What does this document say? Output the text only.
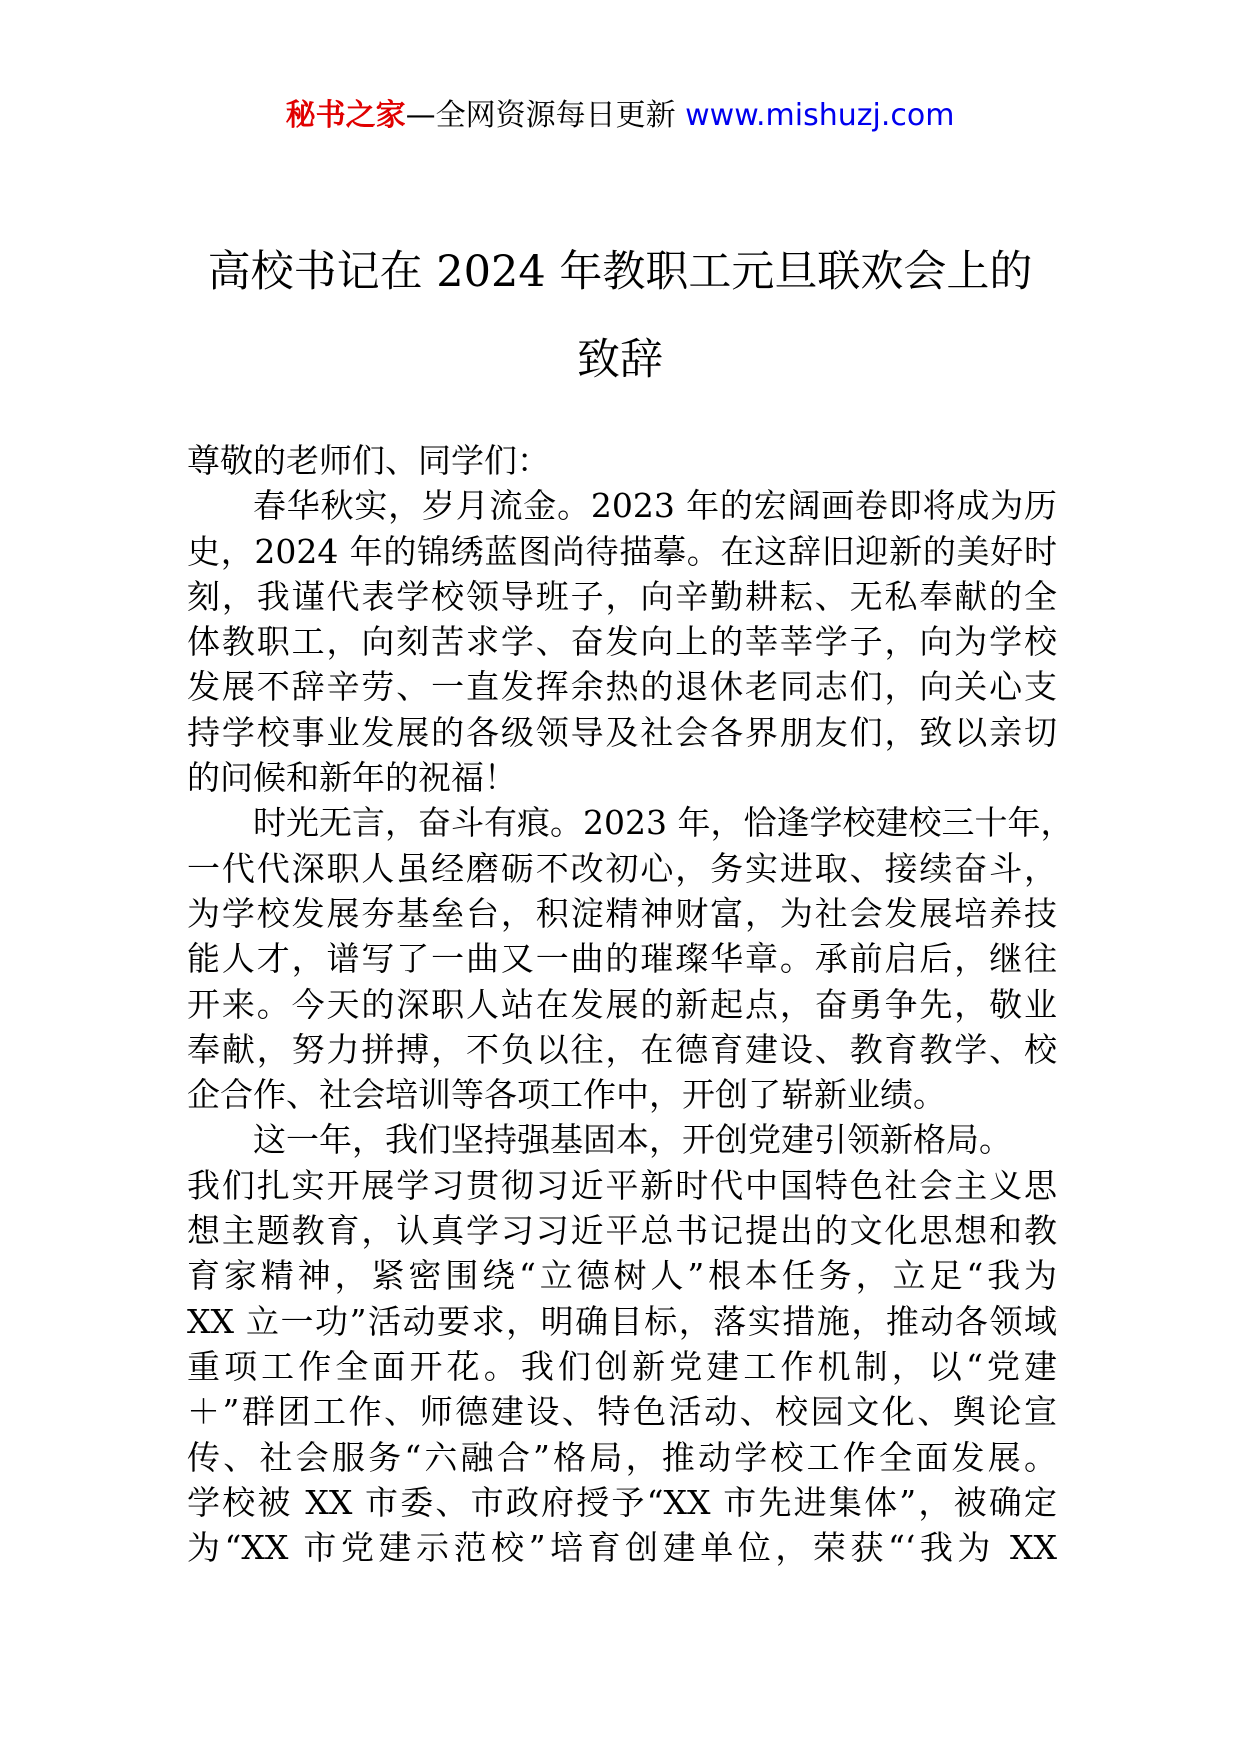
秘书之家—全网资源每日更新 www.mishuzj.com
高校书记在 2024 年教职工元旦联欢会上的
致辞
尊敬的老师们、同学们：
春华秋实，岁月流金。2023 年的宏阔画卷即将成为历
史，2024 年的锦绣蓝图尚待描摹。在这辞旧迎新的美好时
刻，我谨代表学校领导班子，向辛勤耕耘、无私奉献的全
体教职工，向刻苦求学、奋发向上的莘莘学子，向为学校
发展不辞辛劳、一直发挥余热的退休老同志们，向关心支
持学校事业发展的各级领导及社会各界朋友们，致以亲切
的问候和新年的祝福！
时光无言，奋斗有痕。2023 年，恰逢学校建校三十年，
一代代深职人虽经磨砺不改初心，务实进取、接续奋斗，
为学校发展夯基垒台，积淀精神财富，为社会发展培养技
能人才，谱写了一曲又一曲的璀璨华章。承前启后，继往
开来。今天的深职人站在发展的新起点，奋勇争先，敬业
奉献，努力拼搏，不负以往，在德育建设、教育教学、校
企合作、社会培训等各项工作中，开创了崭新业绩。
这一年，我们坚持强基固本，开创党建引领新格局。
我们扎实开展学习贯彻习近平新时代中国特色社会主义思
想主题教育，认真学习习近平总书记提出的文化思想和教
育家精神，紧密围绕“立德树人”根本任务，立足“我为
XX 立一功”活动要求，明确目标，落实措施，推动各领域
重项工作全面开花。我们创新党建工作机制，以“党建
＋”群团工作、师德建设、特色活动、校园文化、舆论宣
传、社会服务“六融合”格局，推动学校工作全面发展。
学校被 XX 市委、市政府授予“XX 市先进集体”，被确定
为“XX 市党建示范校”培育创建单位，荣获“‘我为 XX
